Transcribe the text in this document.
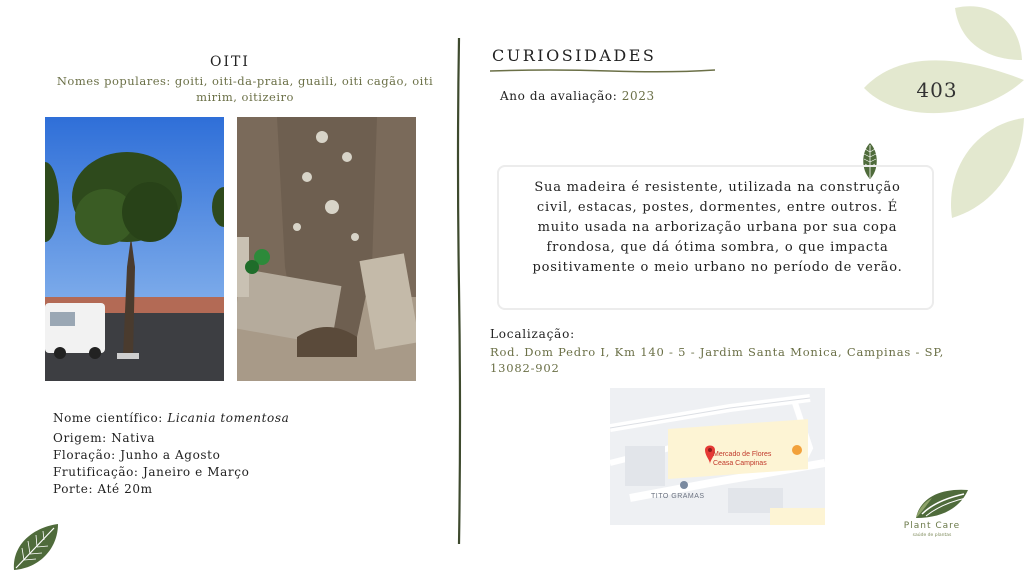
OITI
Nomes populares: goiti, oiti-da-praia, guaili, oiti cagão, oiti mirim, oitizeiro
Nome científico: Licania tomentosa
Origem: Nativa
Floração: Junho a Agosto
Frutificação: Janeiro e Março
Porte: Até 20m
CURIOSIDADES
Ano da avaliação: 2023	403
Sua madeira é resistente, utilizada na construção civil, estacas, postes, dormentes, entre outros. É muito usada na arborização urbana por sua copa frondosa, que dá ótima sombra, o que impacta positivamente o meio urbano no período de verão.
Localização:
Rod. Dom Pedro I, Km 140 - 5 - Jardim Santa Monica, Campinas - SP, 13082-902
Mercado de Flores
Ceasa Campinas
TITO GRAMAS
Plant Care
saúde de plantas
